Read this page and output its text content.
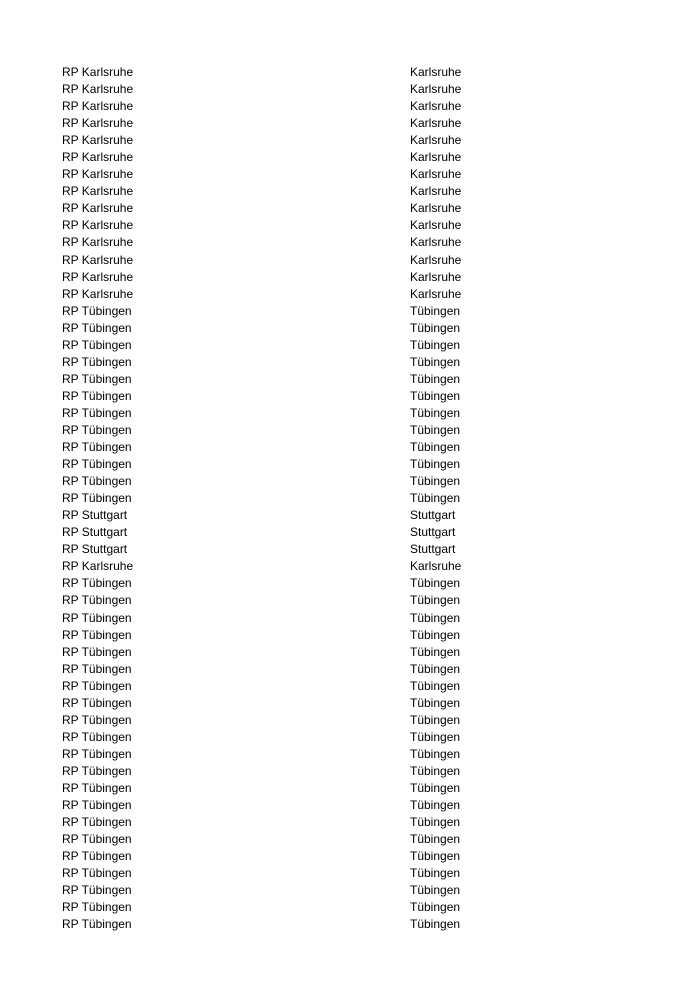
RP Karlsruhe	Karlsruhe
RP Karlsruhe	Karlsruhe
RP Karlsruhe	Karlsruhe
RP Karlsruhe	Karlsruhe
RP Karlsruhe	Karlsruhe
RP Karlsruhe	Karlsruhe
RP Karlsruhe	Karlsruhe
RP Karlsruhe	Karlsruhe
RP Karlsruhe	Karlsruhe
RP Karlsruhe	Karlsruhe
RP Karlsruhe	Karlsruhe
RP Karlsruhe	Karlsruhe
RP Karlsruhe	Karlsruhe
RP Karlsruhe	Karlsruhe
RP Tübingen	Tübingen
RP Tübingen	Tübingen
RP Tübingen	Tübingen
RP Tübingen	Tübingen
RP Tübingen	Tübingen
RP Tübingen	Tübingen
RP Tübingen	Tübingen
RP Tübingen	Tübingen
RP Tübingen	Tübingen
RP Tübingen	Tübingen
RP Tübingen	Tübingen
RP Tübingen	Tübingen
RP Stuttgart	Stuttgart
RP Stuttgart	Stuttgart
RP Stuttgart	Stuttgart
RP Karlsruhe	Karlsruhe
RP Tübingen	Tübingen
RP Tübingen	Tübingen
RP Tübingen	Tübingen
RP Tübingen	Tübingen
RP Tübingen	Tübingen
RP Tübingen	Tübingen
RP Tübingen	Tübingen
RP Tübingen	Tübingen
RP Tübingen	Tübingen
RP Tübingen	Tübingen
RP Tübingen	Tübingen
RP Tübingen	Tübingen
RP Tübingen	Tübingen
RP Tübingen	Tübingen
RP Tübingen	Tübingen
RP Tübingen	Tübingen
RP Tübingen	Tübingen
RP Tübingen	Tübingen
RP Tübingen	Tübingen
RP Tübingen	Tübingen
RP Tübingen	Tübingen
